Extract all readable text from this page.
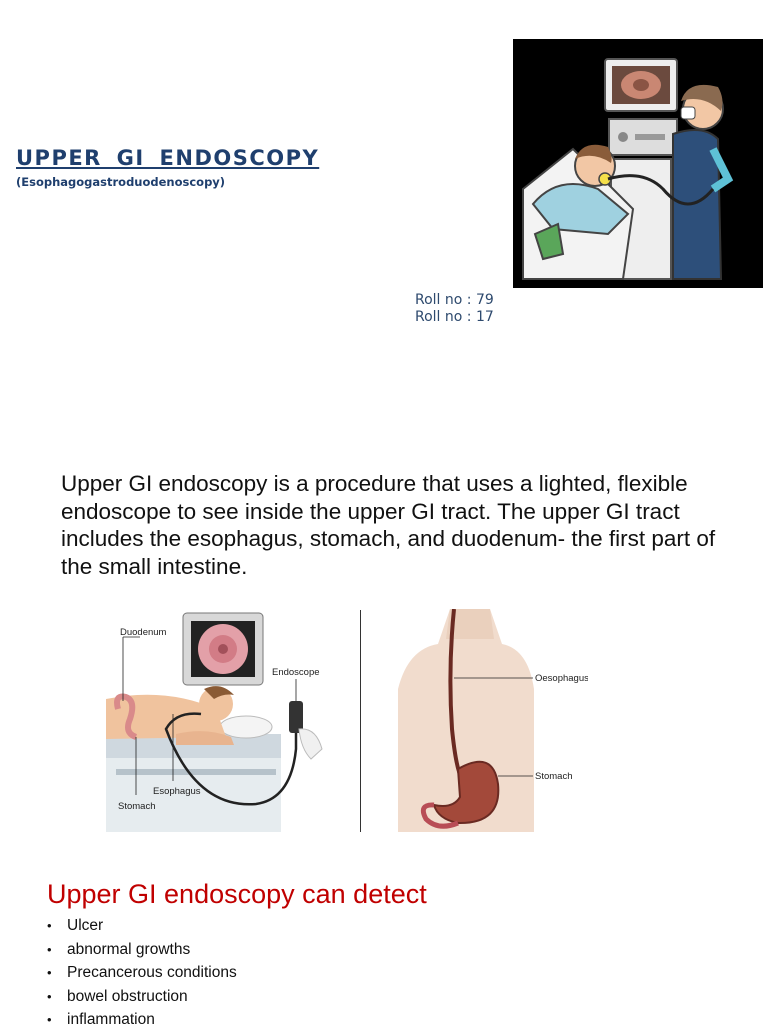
UPPER GI ENDOSCOPY
(Esophagogastroduodenoscopy)
Roll no : 79
Roll no : 17
Upper GI endoscopy is a procedure that uses a lighted, flexible endoscope to see inside the upper GI tract. The upper GI tract includes the esophagus, stomach, and duodenum- the first part of the small intestine.
Duodenum
Endoscope
Esophagus
Stomach
Oesophagus
Stomach
Upper GI endoscopy can detect
• Ulcer
• abnormal growths
• Precancerous conditions
• bowel obstruction
• inflammation
